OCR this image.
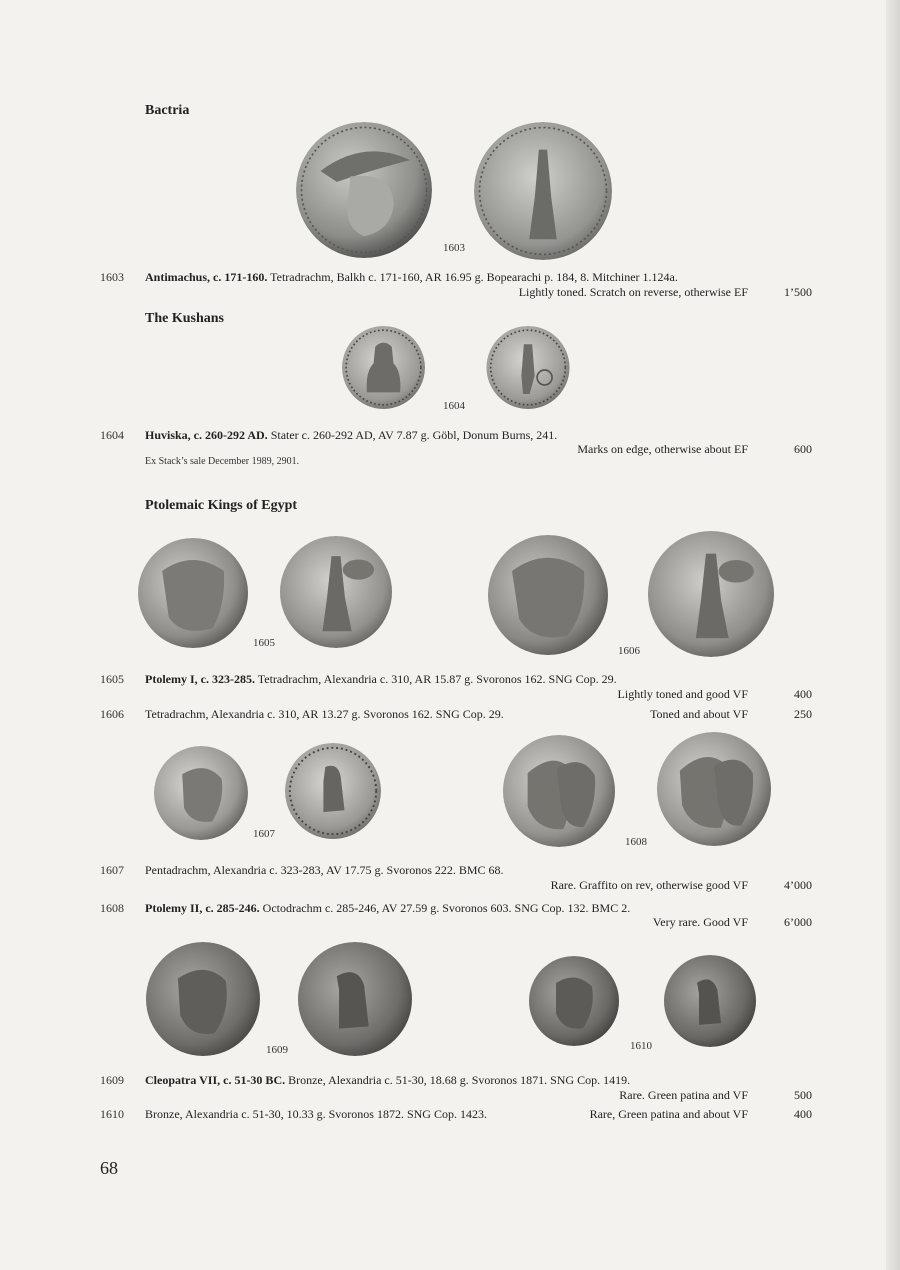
Bactria
1603
1603 Antimachus, c. 171-160. Tetradrachm, Balkh c. 171-160, AR 16.95 g. Bopearachi p. 184, 8. Mitchiner 1.124a.
Lightly toned. Scratch on reverse, otherwise EF	1’500
The Kushans
1604
1604 Huviska, c. 260-292 AD. Stater c. 260-292 AD, AV 7.87 g. Göbl, Donum Burns, 241.
Marks on edge, otherwise about EF	600
Ex Stack’s sale December 1989, 2901.
Ptolemaic Kings of Egypt
1605
1606
1605 Ptolemy I, c. 323-285. Tetradrachm, Alexandria c. 310, AR 15.87 g. Svoronos 162. SNG Cop. 29.
Lightly toned and good VF	400
1606 Tetradrachm, Alexandria c. 310, AR 13.27 g. Svoronos 162. SNG Cop. 29.	Toned and about VF	250
1607
1608
1607 Pentadrachm, Alexandria c. 323-283, AV 17.75 g. Svoronos 222. BMC 68.
Rare. Graffito on rev, otherwise good VF	4’000
1608 Ptolemy II, c. 285-246. Octodrachm c. 285-246, AV 27.59 g. Svoronos 603. SNG Cop. 132. BMC 2.
Very rare. Good VF	6’000
1609	1610
1609 Cleopatra VII, c. 51-30 BC. Bronze, Alexandria c. 51-30, 18.68 g. Svoronos 1871. SNG Cop. 1419.
Rare. Green patina and VF	500
1610 Bronze, Alexandria c. 51-30, 10.33 g. Svoronos 1872. SNG Cop. 1423.	Rare, Green patina and about VF	400
68
